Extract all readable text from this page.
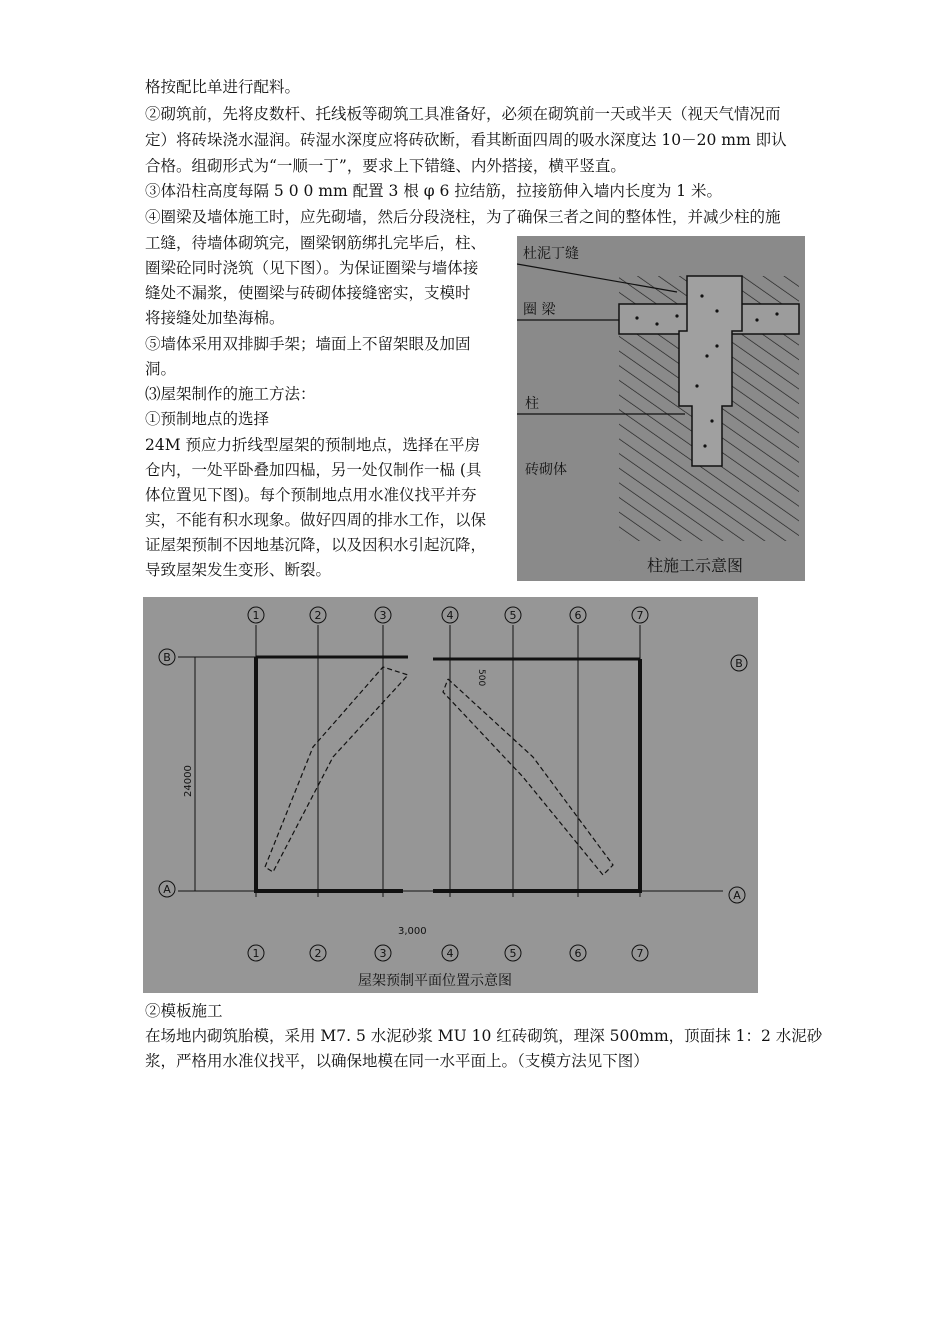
格按配比单进行配料。
②砌筑前，先将皮数杆、托线板等砌筑工具准备好，必须在砌筑前一天或半天（视天气情况而
定）将砖垛浇水湿润。砖湿水深度应将砖砍断，看其断面四周的吸水深度达 10－20 mm 即认
合格。组砌形式为“一顺一丁”，要求上下错缝、内外搭接，横平竖直。
③体沿柱高度每隔 5 0 0 mm 配置 3 根 φ 6 拉结筋，拉接筋伸入墙内长度为 1 米。
④圈梁及墙体施工时，应先砌墙，然后分段浇柱，为了确保三者之间的整体性，并减少柱的施
工缝，待墙体砌筑完，圈梁钢筋绑扎完毕后，柱、
圈梁砼同时浇筑（见下图）。为保证圈梁与墙体接
缝处不漏浆，使圈梁与砖砌体接缝密实，支模时
将接缝处加垫海棉。
⑤墙体采用双排脚手架；墙面上不留架眼及加固
洞。
⑶屋架制作的施工方法：
①预制地点的选择
24M 预应力折线型屋架的预制地点，选择在平房
仓内，一处平卧叠加四榀，另一处仅制作一榀 (具
体位置见下图)。每个预制地点用水准仪找平并夯
实，不能有积水现象。做好四周的排水工作，以保
证屋架预制不因地基沉降，以及因积水引起沉降，
导致屋架发生变形、断裂。
②模板施工
在场地内砌筑胎模，采用 M7. 5 水泥砂浆 MU 10 红砖砌筑，理深 500mm，顶面抹 1：2 水泥砂
浆，严格用水准仪找平，以确保地模在同一水平面上。（支模方法见下图）
杜泥丁缝
圈 梁
柱
砖砌体
柱施工示意图
1	2	3	4	5	6	7
1	2	3	4	5	6	7
B
A
B
A
24000
500
3,000
屋架预制平面位置示意图
